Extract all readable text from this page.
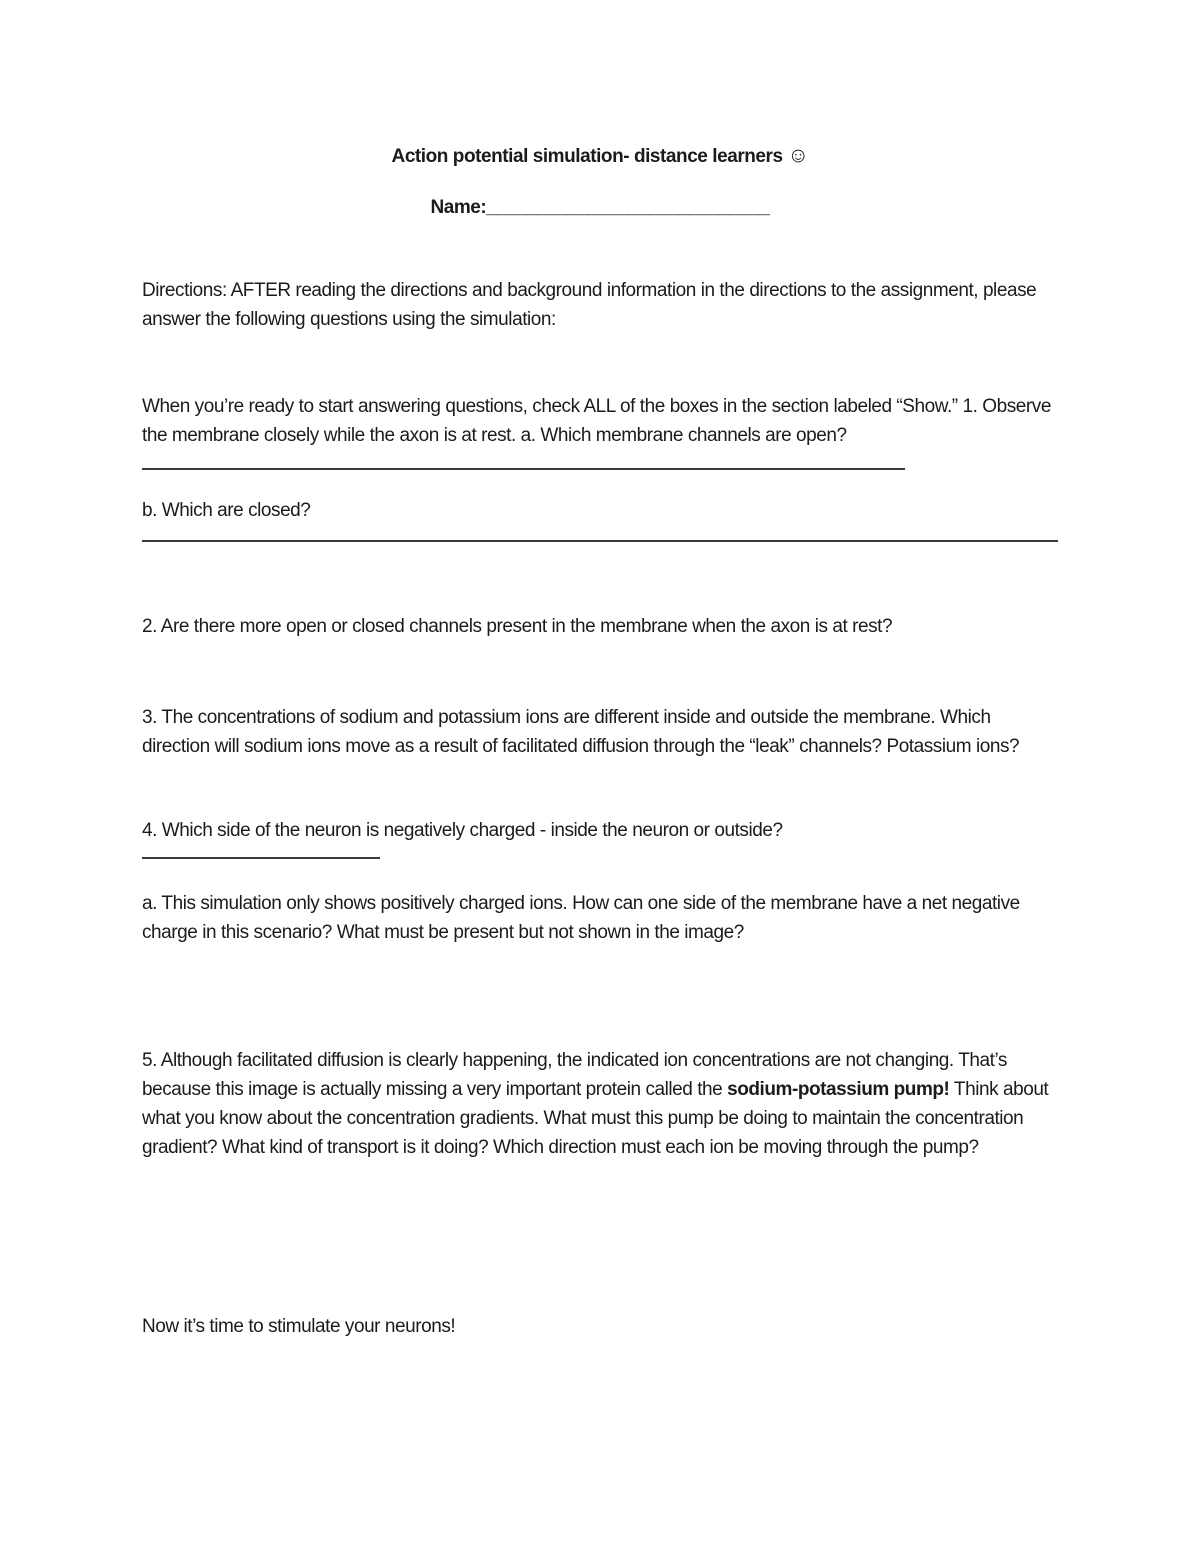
Action potential simulation- distance learners ☺

Name:____________________________

Directions: AFTER reading the directions and background information in the directions to the assignment, please answer the following questions using the simulation:

When you’re ready to start answering questions, check ALL of the boxes in the section labeled “Show.” 1. Observe the membrane closely while the axon is at rest. a. Which membrane channels are open?

b. Which are closed?

2. Are there more open or closed channels present in the membrane when the axon is at rest?

3. The concentrations of sodium and potassium ions are different inside and outside the membrane. Which direction will sodium ions move as a result of facilitated diffusion through the “leak” channels? Potassium ions?

4. Which side of the neuron is negatively charged - inside the neuron or outside?

a. This simulation only shows positively charged ions. How can one side of the membrane have a net negative charge in this scenario? What must be present but not shown in the image?

5. Although facilitated diffusion is clearly happening, the indicated ion concentrations are not changing. That’s because this image is actually missing a very important protein called the sodium-potassium pump! Think about what you know about the concentration gradients. What must this pump be doing to maintain the concentration gradient? What kind of transport is it doing? Which direction must each ion be moving through the pump?

Now it’s time to stimulate your neurons!
